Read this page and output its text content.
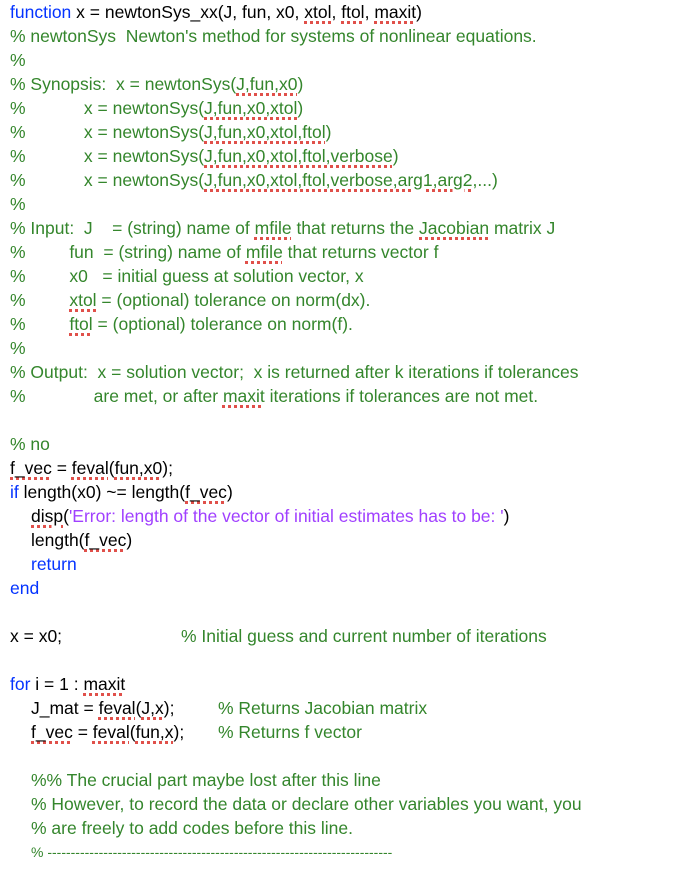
function x = newtonSys_xx(J, fun, x0, xtol, ftol, maxit)
% newtonSys  Newton's method for systems of nonlinear equations.
%
% Synopsis:  x = newtonSys(J,fun,x0)
%            x = newtonSys(J,fun,x0,xtol)
%            x = newtonSys(J,fun,x0,xtol,ftol)
%            x = newtonSys(J,fun,x0,xtol,ftol,verbose)
%            x = newtonSys(J,fun,x0,xtol,ftol,verbose,arg1,arg2,...)
%
% Input:  J    = (string) name of mfile that returns the Jacobian matrix J
%         fun  = (string) name of mfile that returns vector f
%         x0   = initial guess at solution vector, x
%         xtol = (optional) tolerance on norm(dx).
%         ftol = (optional) tolerance on norm(f).
%
% Output:  x = solution vector;  x is returned after k iterations if tolerances
%              are met, or after maxit iterations if tolerances are not met.
% no
f_vec = feval(fun,x0);
if length(x0) ~= length(f_vec)
disp('Error: length of the vector of initial estimates has to be: ')
length(f_vec)
return
end
x = x0;	% Initial guess and current number of iterations
for i = 1 : maxit
J_mat = feval(J,x); % Returns Jacobian matrix
f_vec = feval(fun,x); % Returns f vector
%% The crucial part maybe lost after this line
% However, to record the data or declare other variables you want, you
% are freely to add codes before this line.
% --------------------------------------------------------------------------
